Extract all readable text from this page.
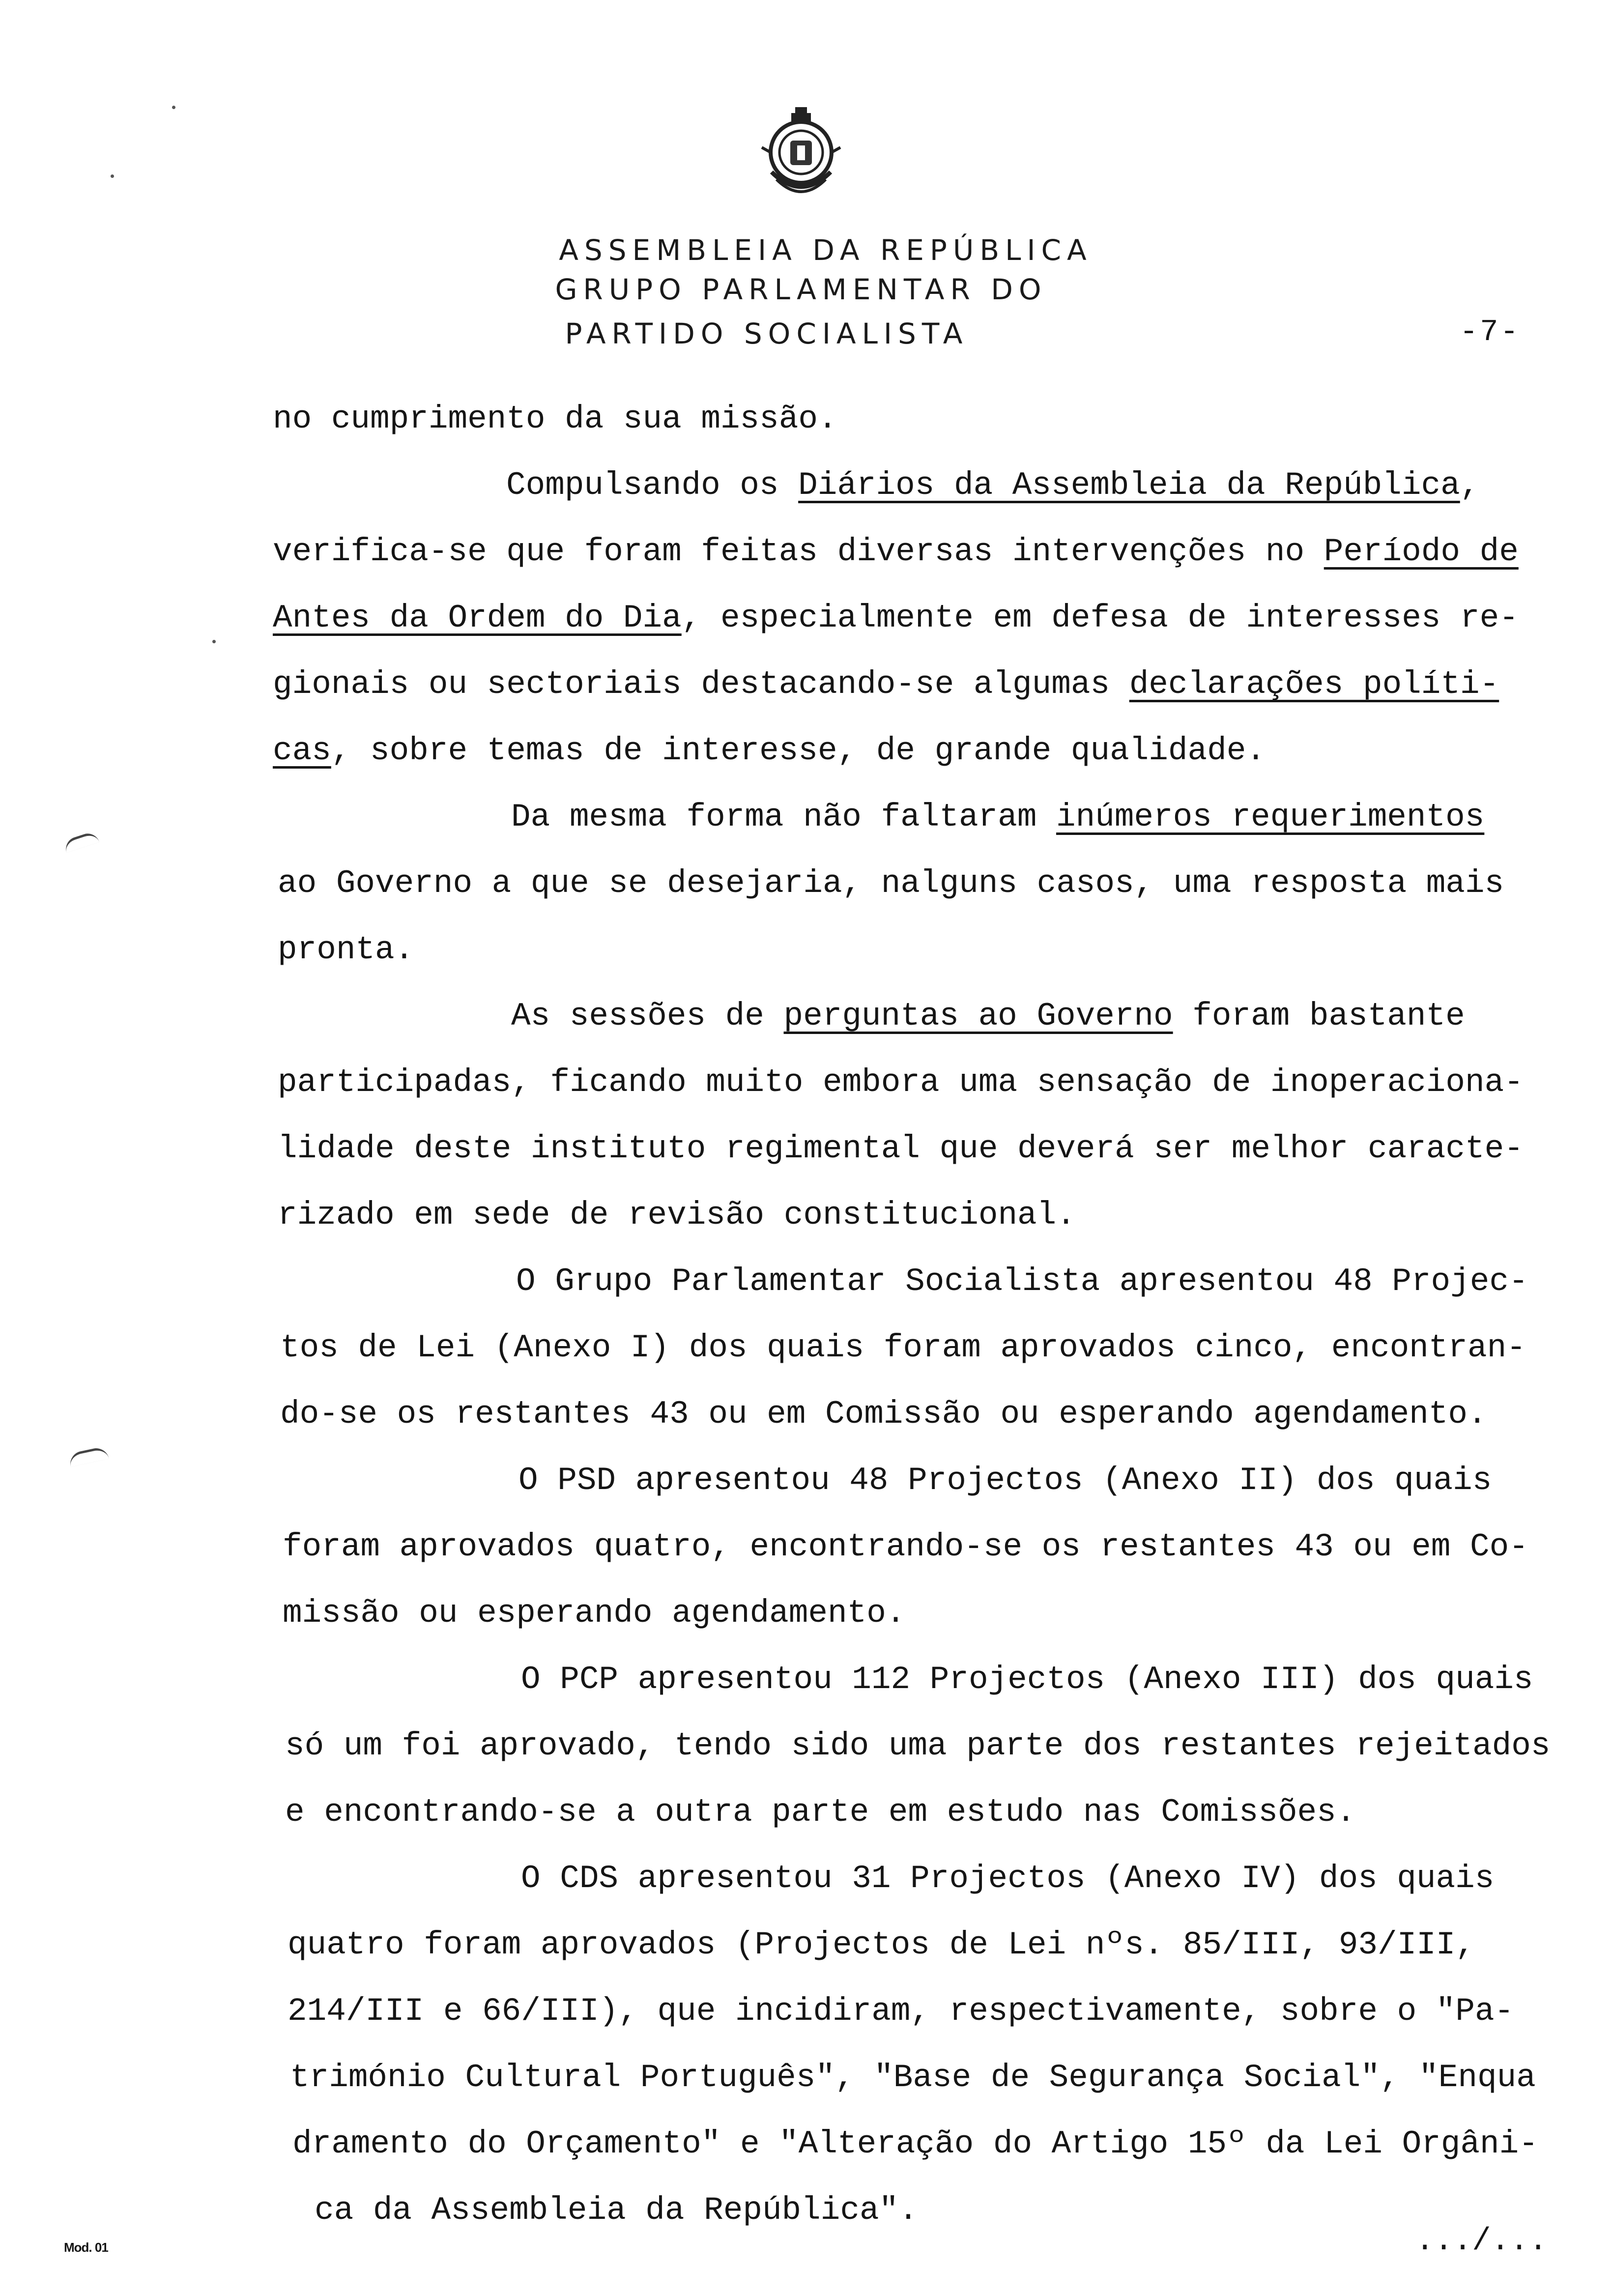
ASSEMBLEIA DA REPÚBLICA
GRUPO PARLAMENTAR DO
PARTIDO SOCIALISTA	-7-
no cumprimento da sua missão.
Compulsando os Diários da Assembleia da República,
verifica-se que foram feitas diversas intervenções no Período de
Antes da Ordem do Dia, especialmente em defesa de interesses re-
gionais ou sectoriais destacando-se algumas declarações políti-
cas, sobre temas de interesse, de grande qualidade.
Da mesma forma não faltaram inúmeros requerimentos
ao Governo a que se desejaria, nalguns casos, uma resposta mais
pronta.
As sessões de perguntas ao Governo foram bastante
participadas, ficando muito embora uma sensação de inoperaciona-
lidade deste instituto regimental que deverá ser melhor caracte-
rizado em sede de revisão constitucional.
O Grupo Parlamentar Socialista apresentou 48 Projec-
tos de Lei (Anexo I) dos quais foram aprovados cinco, encontran-
do-se os restantes 43 ou em Comissão ou esperando agendamento.
O PSD apresentou 48 Projectos (Anexo II) dos quais
foram aprovados quatro, encontrando-se os restantes 43 ou em Co-
missão ou esperando agendamento.
O PCP apresentou 112 Projectos (Anexo III) dos quais
só um foi aprovado, tendo sido uma parte dos restantes rejeitados
e encontrando-se a outra parte em estudo nas Comissões.
O CDS apresentou 31 Projectos (Anexo IV) dos quais
quatro foram aprovados (Projectos de Lei nºs. 85/III, 93/III,
214/III e 66/III), que incidiram, respectivamente, sobre o "Pa-
trimónio Cultural Português", "Base de Segurança Social", "Enqua
dramento do Orçamento" e "Alteração do Artigo 15º da Lei Orgâni-
ca da Assembleia da República".
Mod. 01	.../...
